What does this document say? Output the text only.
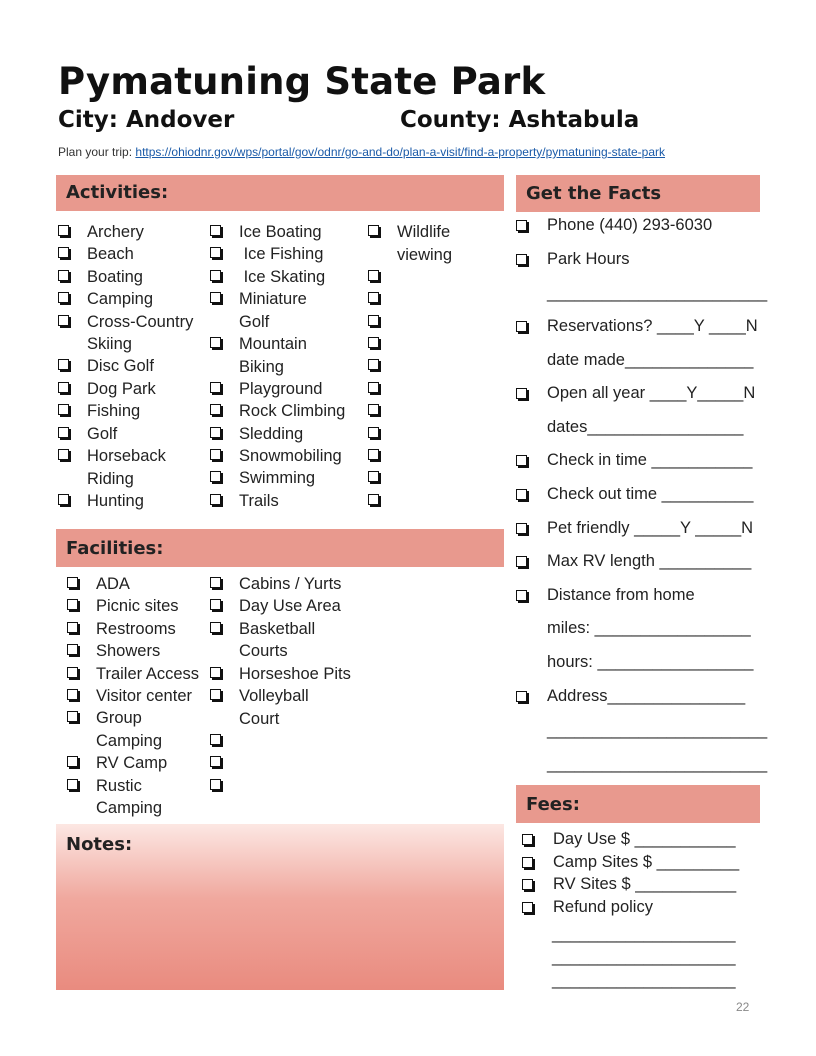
Pymatuning State Park
City: Andover	County: Ashtabula
Plan your trip: https://ohiodnr.gov/wps/portal/gov/odnr/go-and-do/plan-a-visit/find-a-property/pymatuning-state-park
Activities:
Archery
Beach
Boating
Camping
Cross-Country
Skiing
Disc Golf
Dog Park
Fishing
Golf
Horseback
Riding
Hunting
Ice Boating
Ice Fishing
Ice Skating
Miniature
Golf
Mountain
Biking
Playground
Rock Climbing
Sledding
Snowmobiling
Swimming
Trails
Wildlife
viewing
Facilities:
ADA
Picnic sites
Restrooms
Showers
Trailer Access
Visitor center
Group
Camping
RV Camp
Rustic
Camping
Cabins / Yurts
Day Use Area
Basketball
Courts
Horseshoe Pits
Volleyball
Court
Notes:
Get the Facts
Phone (440) 293-6030
Park Hours
________________________
Reservations? ____Y ____N
date made______________
Open all year ____Y_____N
dates_________________
Check in time ___________
Check out time __________
Pet friendly _____Y _____N
Max RV length __________
Distance from home
miles: _________________
hours: _________________
Address_______________
________________________
________________________
Fees:
Day Use $ ___________
Camp Sites $ _________
RV Sites $ ___________
Refund policy
____________________
____________________
____________________
22
